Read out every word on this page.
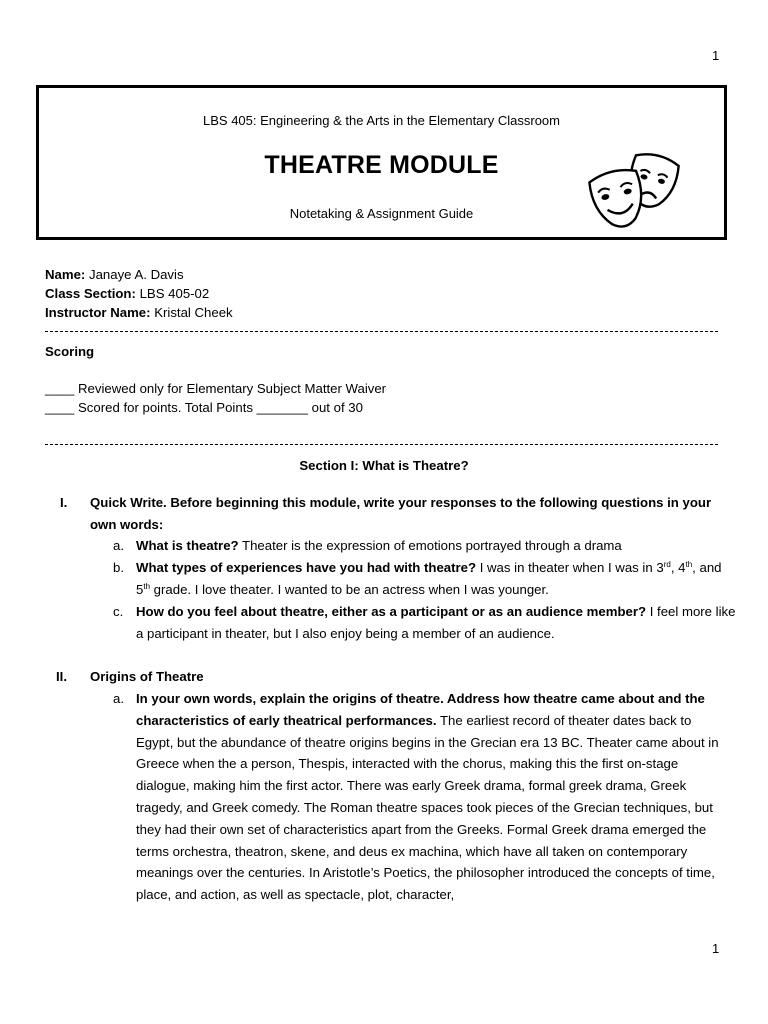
1
1
LBS 405: Engineering & the Arts in the Elementary Classroom
THEATRE MODULE
Notetaking & Assignment Guide
Name: Janaye A. Davis
Class Section: LBS 405-02
Instructor Name: Kristal Cheek
Scoring
____ Reviewed only for Elementary Subject Matter Waiver
____ Scored for points. Total Points _______ out of 30
Section I: What is Theatre?
I. Quick Write. Before beginning this module, write your responses to the following questions in your own words:

a. What is theatre? Theater is the expression of emotions portrayed through a drama

b. What types of experiences have you had with theatre? I was in theater when I was in 3rd, 4th, and 5th grade. I love theater. I wanted to be an actress when I was younger.

c. How do you feel about theatre, either as a participant or as an audience member? I feel more like a participant in theater, but I also enjoy being a member of an audience.

II. Origins of Theatre
a. In your own words, explain the origins of theatre. Address how theatre came about and the characteristics of early theatrical performances. The earliest record of theater dates back to Egypt, but the abundance of theatre origins begins in the Grecian era 13 BC. Theater came about in Greece when the a person, Thespis, interacted with the chorus, making this the first on-stage dialogue, making him the first actor. There was early Greek drama, formal greek drama, Greek tragedy, and Greek comedy. The Roman theatre spaces took pieces of the Grecian techniques, but they had their own set of characteristics apart from the Greeks. Formal Greek drama emerged the terms orchestra, theatron, skene, and deus ex machina, which have all taken on contemporary meanings over the centuries. In Aristotle’s Poetics, the philosopher introduced the concepts of time, place, and action, as well as spectacle, plot, character,
